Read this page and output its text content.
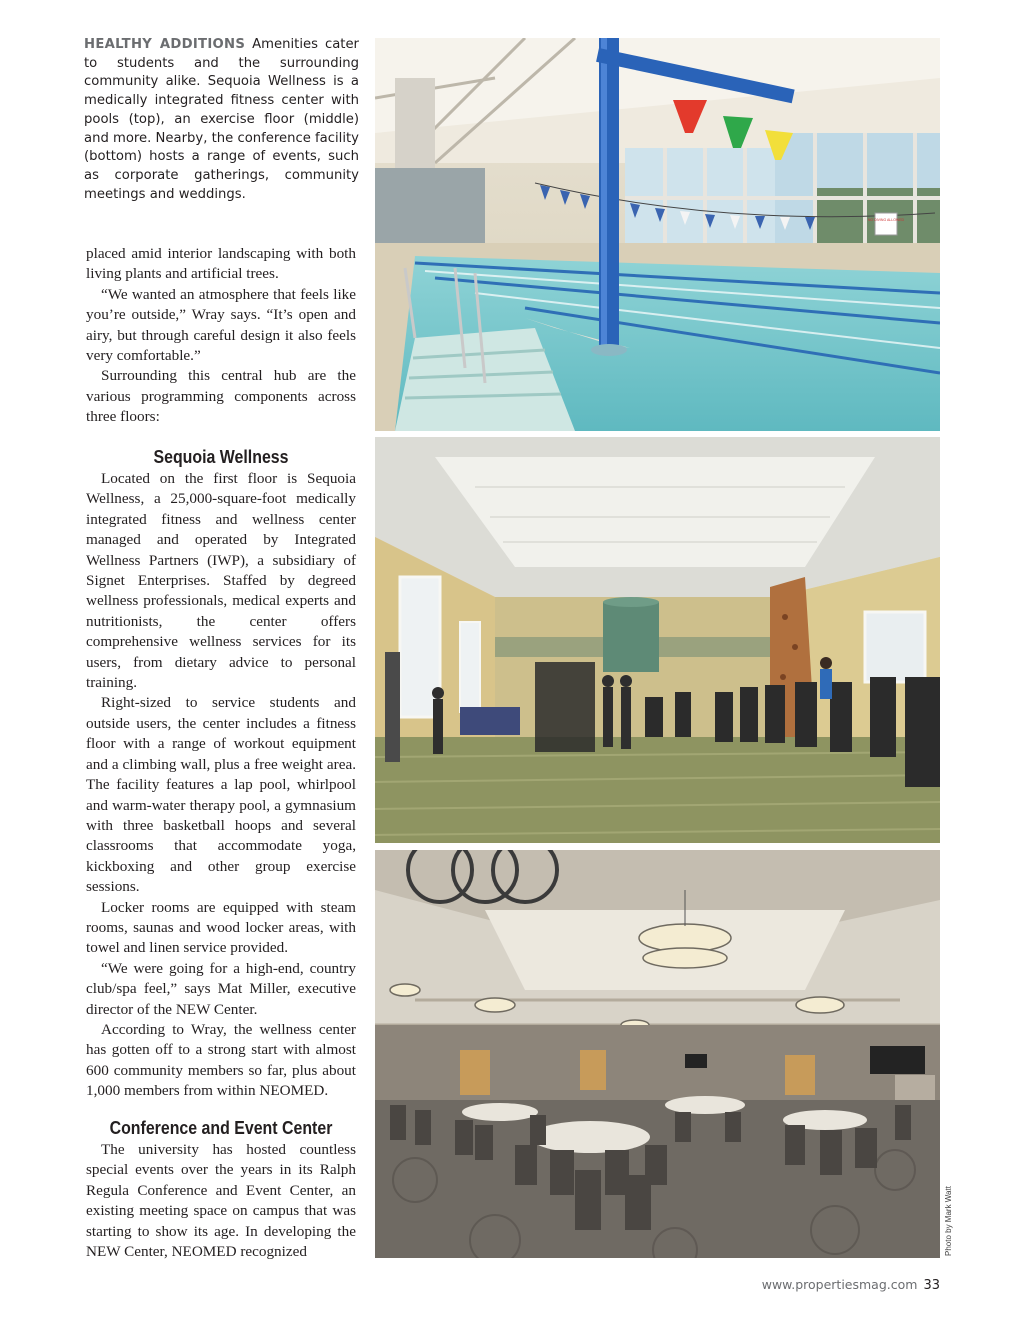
HEALTHY ADDITIONS Amenities cater to students and the surrounding community alike. Sequoia Wellness is a medically integrated fitness center with pools (top), an exercise floor (middle) and more. Nearby, the conference facility (bottom) hosts a range of events, such as corporate gatherings, community meetings and weddings.

placed amid interior landscaping with both living plants and artificial trees.

“We wanted an atmosphere that feels like you’re outside,” Wray says. “It’s open and airy, but through careful design it also feels very comfortable.”

Surrounding this central hub are the various programming components across three floors:

Sequoia Wellness

Located on the first floor is Sequoia Wellness, a 25,000-square-foot medically integrated fitness and wellness center managed and operated by Integrated Wellness Partners (IWP), a subsidiary of Signet Enterprises. Staffed by degreed wellness professionals, medical experts and nutritionists, the center offers comprehensive wellness services for its users, from dietary advice to personal training.

Right-sized to service students and outside users, the center includes a fitness floor with a range of workout equipment and a climbing wall, plus a free weight area. The facility features a lap pool, whirlpool and warm-water therapy pool, a gymnasium with three basketball hoops and several classrooms that accommodate yoga, kickboxing and other group exercise sessions.

Locker rooms are equipped with steam rooms, saunas and wood locker areas, with towel and linen service provided.

“We were going for a high-end, country club/spa feel,” says Mat Miller, executive director of the NEW Center.

According to Wray, the wellness center has gotten off to a strong start with almost 600 community members so far, plus about 1,000 members from within NEOMED.

Conference and Event Center

The university has hosted countless special events over the years in its Ralph Regula Conference and Event Center, an existing meeting space on campus that was starting to show its age. In developing the NEW Center, NEOMED recognized

NO DIVING ALLOWED
Photo by Mark Watt
www.propertiesmag.com 33
